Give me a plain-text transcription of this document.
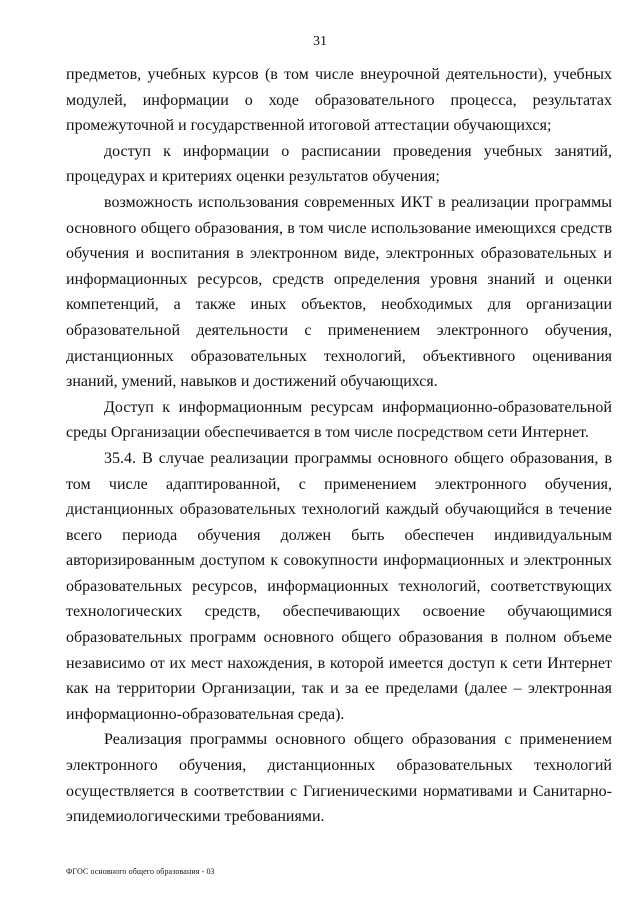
31

предметов, учебных курсов (в том числе внеурочной деятельности), учебных модулей, информации о ходе образовательного процесса, результатах промежуточной и государственной итоговой аттестации обучающихся;

доступ к информации о расписании проведения учебных занятий, процедурах и критериях оценки результатов обучения;

возможность использования современных ИКТ в реализации программы основного общего образования, в том числе использование имеющихся средств обучения и воспитания в электронном виде, электронных образовательных и информационных ресурсов, средств определения уровня знаний и оценки компетенций, а также иных объектов, необходимых для организации образовательной деятельности с применением электронного обучения, дистанционных образовательных технологий, объективного оценивания знаний, умений, навыков и достижений обучающихся.

Доступ к информационным ресурсам информационно-образовательной среды Организации обеспечивается в том числе посредством сети Интернет.

35.4. В случае реализации программы основного общего образования, в том числе адаптированной, с применением электронного обучения, дистанционных образовательных технологий каждый обучающийся в течение всего периода обучения должен быть обеспечен индивидуальным авторизированным доступом к совокупности информационных и электронных образовательных ресурсов, информационных технологий, соответствующих технологических средств, обеспечивающих освоение обучающимися образовательных программ основного общего образования в полном объеме независимо от их мест нахождения, в которой имеется доступ к сети Интернет как на территории Организации, так и за ее пределами (далее – электронная информационно-образовательная среда).

Реализация программы основного общего образования с применением электронного обучения, дистанционных образовательных технологий осуществляется в соответствии с Гигиеническими нормативами и Санитарно-эпидемиологическими требованиями.

ФГОС основного общего образования - 03
